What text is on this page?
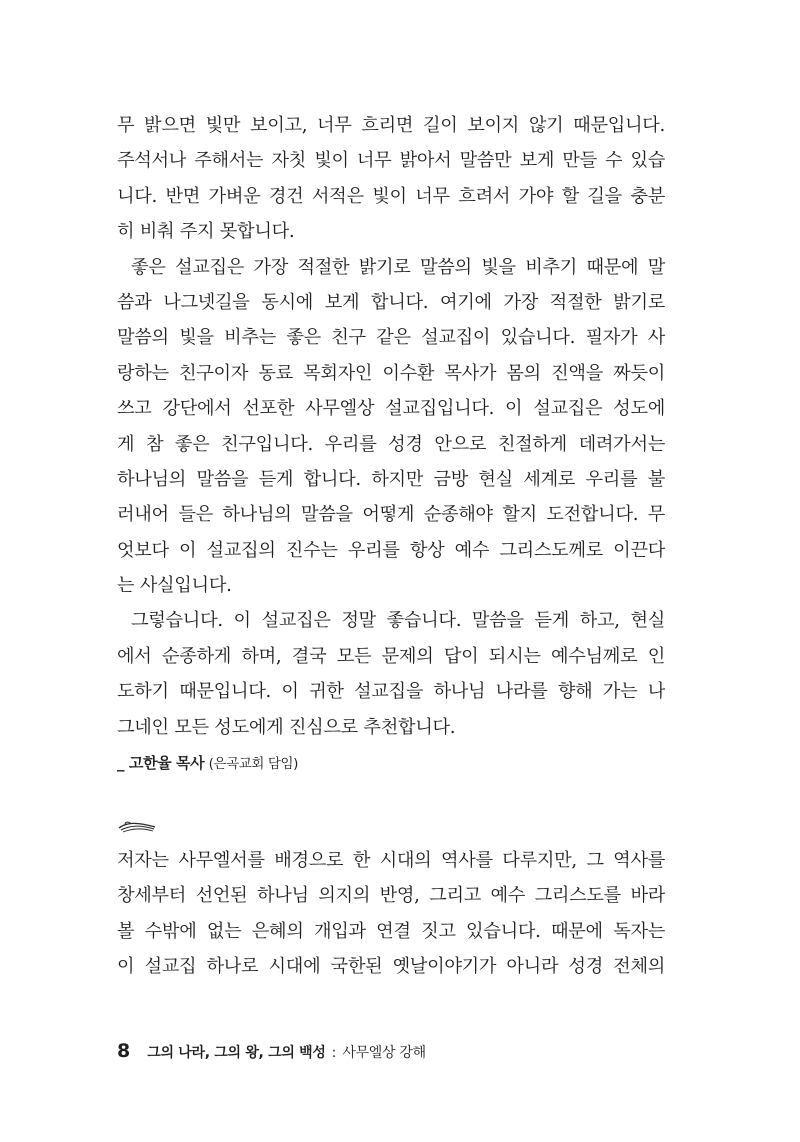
무 밝으면 빛만 보이고, 너무 흐리면 길이 보이지 않기 때문입니다.
주석서나 주해서는 자칫 빛이 너무 밝아서 말씀만 보게 만들 수 있습
니다. 반면 가벼운 경건 서적은 빛이 너무 흐려서 가야 할 길을 충분
히 비춰 주지 못합니다.
좋은 설교집은 가장 적절한 밝기로 말씀의 빛을 비추기 때문에 말
씀과 나그넷길을 동시에 보게 합니다. 여기에 가장 적절한 밝기로
말씀의 빛을 비추는 좋은 친구 같은 설교집이 있습니다. 필자가 사
랑하는 친구이자 동료 목회자인 이수환 목사가 몸의 진액을 짜듯이
쓰고 강단에서 선포한 사무엘상 설교집입니다. 이 설교집은 성도에
게 참 좋은 친구입니다. 우리를 성경 안으로 친절하게 데려가서는
하나님의 말씀을 듣게 합니다. 하지만 금방 현실 세계로 우리를 불
러내어 들은 하나님의 말씀을 어떻게 순종해야 할지 도전합니다. 무
엇보다 이 설교집의 진수는 우리를 항상 예수 그리스도께로 이끈다
는 사실입니다.
그렇습니다. 이 설교집은 정말 좋습니다. 말씀을 듣게 하고, 현실
에서 순종하게 하며, 결국 모든 문제의 답이 되시는 예수님께로 인
도하기 때문입니다. 이 귀한 설교집을 하나님 나라를 향해 가는 나
그네인 모든 성도에게 진심으로 추천합니다.
_ 고한율 목사 (은곡교회 담임)
저자는 사무엘서를 배경으로 한 시대의 역사를 다루지만, 그 역사를
창세부터 선언된 하나님 의지의 반영, 그리고 예수 그리스도를 바라
볼 수밖에 없는 은혜의 개입과 연결 짓고 있습니다. 때문에 독자는
이 설교집 하나로 시대에 국한된 옛날이야기가 아니라 성경 전체의
8 그의 나라, 그의 왕, 그의 백성 : 사무엘상 강해
